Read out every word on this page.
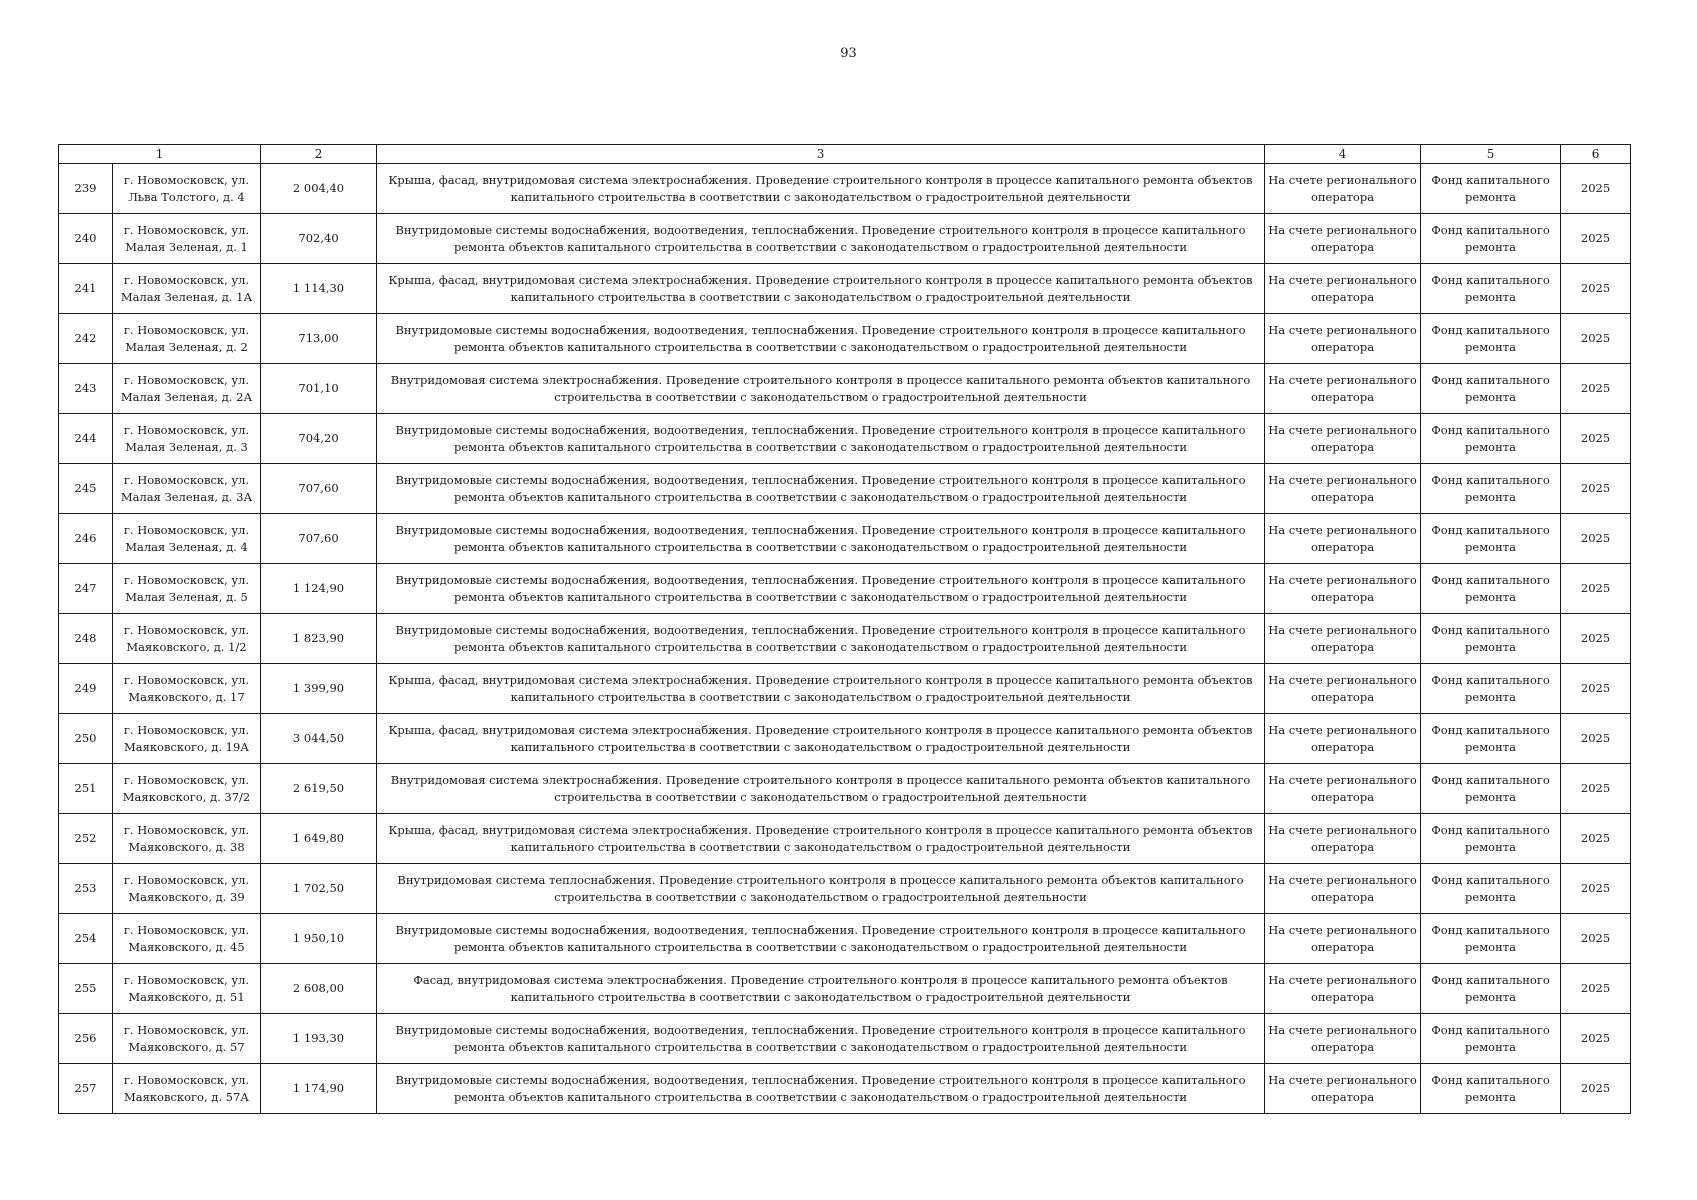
93
1		2	3	4	5	6
239	г. Новомосковск, ул. Льва Толстого, д. 4	2 004,40	Крыша, фасад, внутридомовая система электроснабжения. Проведение строительного контроля в процессе капитального ремонта объектов капитального строительства в соответствии с законодательством о градостроительной деятельности	На счете регионального оператора	Фонд капитального ремонта	2025
240	г. Новомосковск, ул. Малая Зеленая, д. 1	702,40	Внутридомовые системы водоснабжения, водоотведения, теплоснабжения. Проведение строительного контроля в процессе капитального ремонта объектов капитального строительства в соответствии с законодательством о градостроительной деятельности	На счете регионального оператора	Фонд капитального ремонта	2025
241	г. Новомосковск, ул. Малая Зеленая, д. 1А	1 114,30	Крыша, фасад, внутридомовая система электроснабжения. Проведение строительного контроля в процессе капитального ремонта объектов капитального строительства в соответствии с законодательством о градостроительной деятельности	На счете регионального оператора	Фонд капитального ремонта	2025
242	г. Новомосковск, ул. Малая Зеленая, д. 2	713,00	Внутридомовые системы водоснабжения, водоотведения, теплоснабжения. Проведение строительного контроля в процессе капитального ремонта объектов капитального строительства в соответствии с законодательством о градостроительной деятельности	На счете регионального оператора	Фонд капитального ремонта	2025
243	г. Новомосковск, ул. Малая Зеленая, д. 2А	701,10	Внутридомовая система электроснабжения. Проведение строительного контроля в процессе капитального ремонта объектов капитального строительства в соответствии с законодательством о градостроительной деятельности	На счете регионального оператора	Фонд капитального ремонта	2025
244	г. Новомосковск, ул. Малая Зеленая, д. 3	704,20	Внутридомовые системы водоснабжения, водоотведения, теплоснабжения. Проведение строительного контроля в процессе капитального ремонта объектов капитального строительства в соответствии с законодательством о градостроительной деятельности	На счете регионального оператора	Фонд капитального ремонта	2025
245	г. Новомосковск, ул. Малая Зеленая, д. 3А	707,60	Внутридомовые системы водоснабжения, водоотведения, теплоснабжения. Проведение строительного контроля в процессе капитального ремонта объектов капитального строительства в соответствии с законодательством о градостроительной деятельности	На счете регионального оператора	Фонд капитального ремонта	2025
246	г. Новомосковск, ул. Малая Зеленая, д. 4	707,60	Внутридомовые системы водоснабжения, водоотведения, теплоснабжения. Проведение строительного контроля в процессе капитального ремонта объектов капитального строительства в соответствии с законодательством о градостроительной деятельности	На счете регионального оператора	Фонд капитального ремонта	2025
247	г. Новомосковск, ул. Малая Зеленая, д. 5	1 124,90	Внутридомовые системы водоснабжения, водоотведения, теплоснабжения. Проведение строительного контроля в процессе капитального ремонта объектов капитального строительства в соответствии с законодательством о градостроительной деятельности	На счете регионального оператора	Фонд капитального ремонта	2025
248	г. Новомосковск, ул. Маяковского, д. 1/2	1 823,90	Внутридомовые системы водоснабжения, водоотведения, теплоснабжения. Проведение строительного контроля в процессе капитального ремонта объектов капитального строительства в соответствии с законодательством о градостроительной деятельности	На счете регионального оператора	Фонд капитального ремонта	2025
249	г. Новомосковск, ул. Маяковского, д. 17	1 399,90	Крыша, фасад, внутридомовая система электроснабжения. Проведение строительного контроля в процессе капитального ремонта объектов капитального строительства в соответствии с законодательством о градостроительной деятельности	На счете регионального оператора	Фонд капитального ремонта	2025
250	г. Новомосковск, ул. Маяковского, д. 19А	3 044,50	Крыша, фасад, внутридомовая система электроснабжения. Проведение строительного контроля в процессе капитального ремонта объектов капитального строительства в соответствии с законодательством о градостроительной деятельности	На счете регионального оператора	Фонд капитального ремонта	2025
251	г. Новомосковск, ул. Маяковского, д. 37/2	2 619,50	Внутридомовая система электроснабжения. Проведение строительного контроля в процессе капитального ремонта объектов капитального строительства в соответствии с законодательством о градостроительной деятельности	На счете регионального оператора	Фонд капитального ремонта	2025
252	г. Новомосковск, ул. Маяковского, д. 38	1 649,80	Крыша, фасад, внутридомовая система электроснабжения. Проведение строительного контроля в процессе капитального ремонта объектов капитального строительства в соответствии с законодательством о градостроительной деятельности	На счете регионального оператора	Фонд капитального ремонта	2025
253	г. Новомосковск, ул. Маяковского, д. 39	1 702,50	Внутридомовая система теплоснабжения. Проведение строительного контроля в процессе капитального ремонта объектов капитального строительства в соответствии с законодательством о градостроительной деятельности	На счете регионального оператора	Фонд капитального ремонта	2025
254	г. Новомосковск, ул. Маяковского, д. 45	1 950,10	Внутридомовые системы водоснабжения, водоотведения, теплоснабжения. Проведение строительного контроля в процессе капитального ремонта объектов капитального строительства в соответствии с законодательством о градостроительной деятельности	На счете регионального оператора	Фонд капитального ремонта	2025
255	г. Новомосковск, ул. Маяковского, д. 51	2 608,00	Фасад, внутридомовая система электроснабжения. Проведение строительного контроля в процессе капитального ремонта объектов капитального строительства в соответствии с законодательством о градостроительной деятельности	На счете регионального оператора	Фонд капитального ремонта	2025
256	г. Новомосковск, ул. Маяковского, д. 57	1 193,30	Внутридомовые системы водоснабжения, водоотведения, теплоснабжения. Проведение строительного контроля в процессе капитального ремонта объектов капитального строительства в соответствии с законодательством о градостроительной деятельности	На счете регионального оператора	Фонд капитального ремонта	2025
257	г. Новомосковск, ул. Маяковского, д. 57А	1 174,90	Внутридомовые системы водоснабжения, водоотведения, теплоснабжения. Проведение строительного контроля в процессе капитального ремонта объектов капитального строительства в соответствии с законодательством о градостроительной деятельности	На счете регионального оператора	Фонд капитального ремонта	2025
